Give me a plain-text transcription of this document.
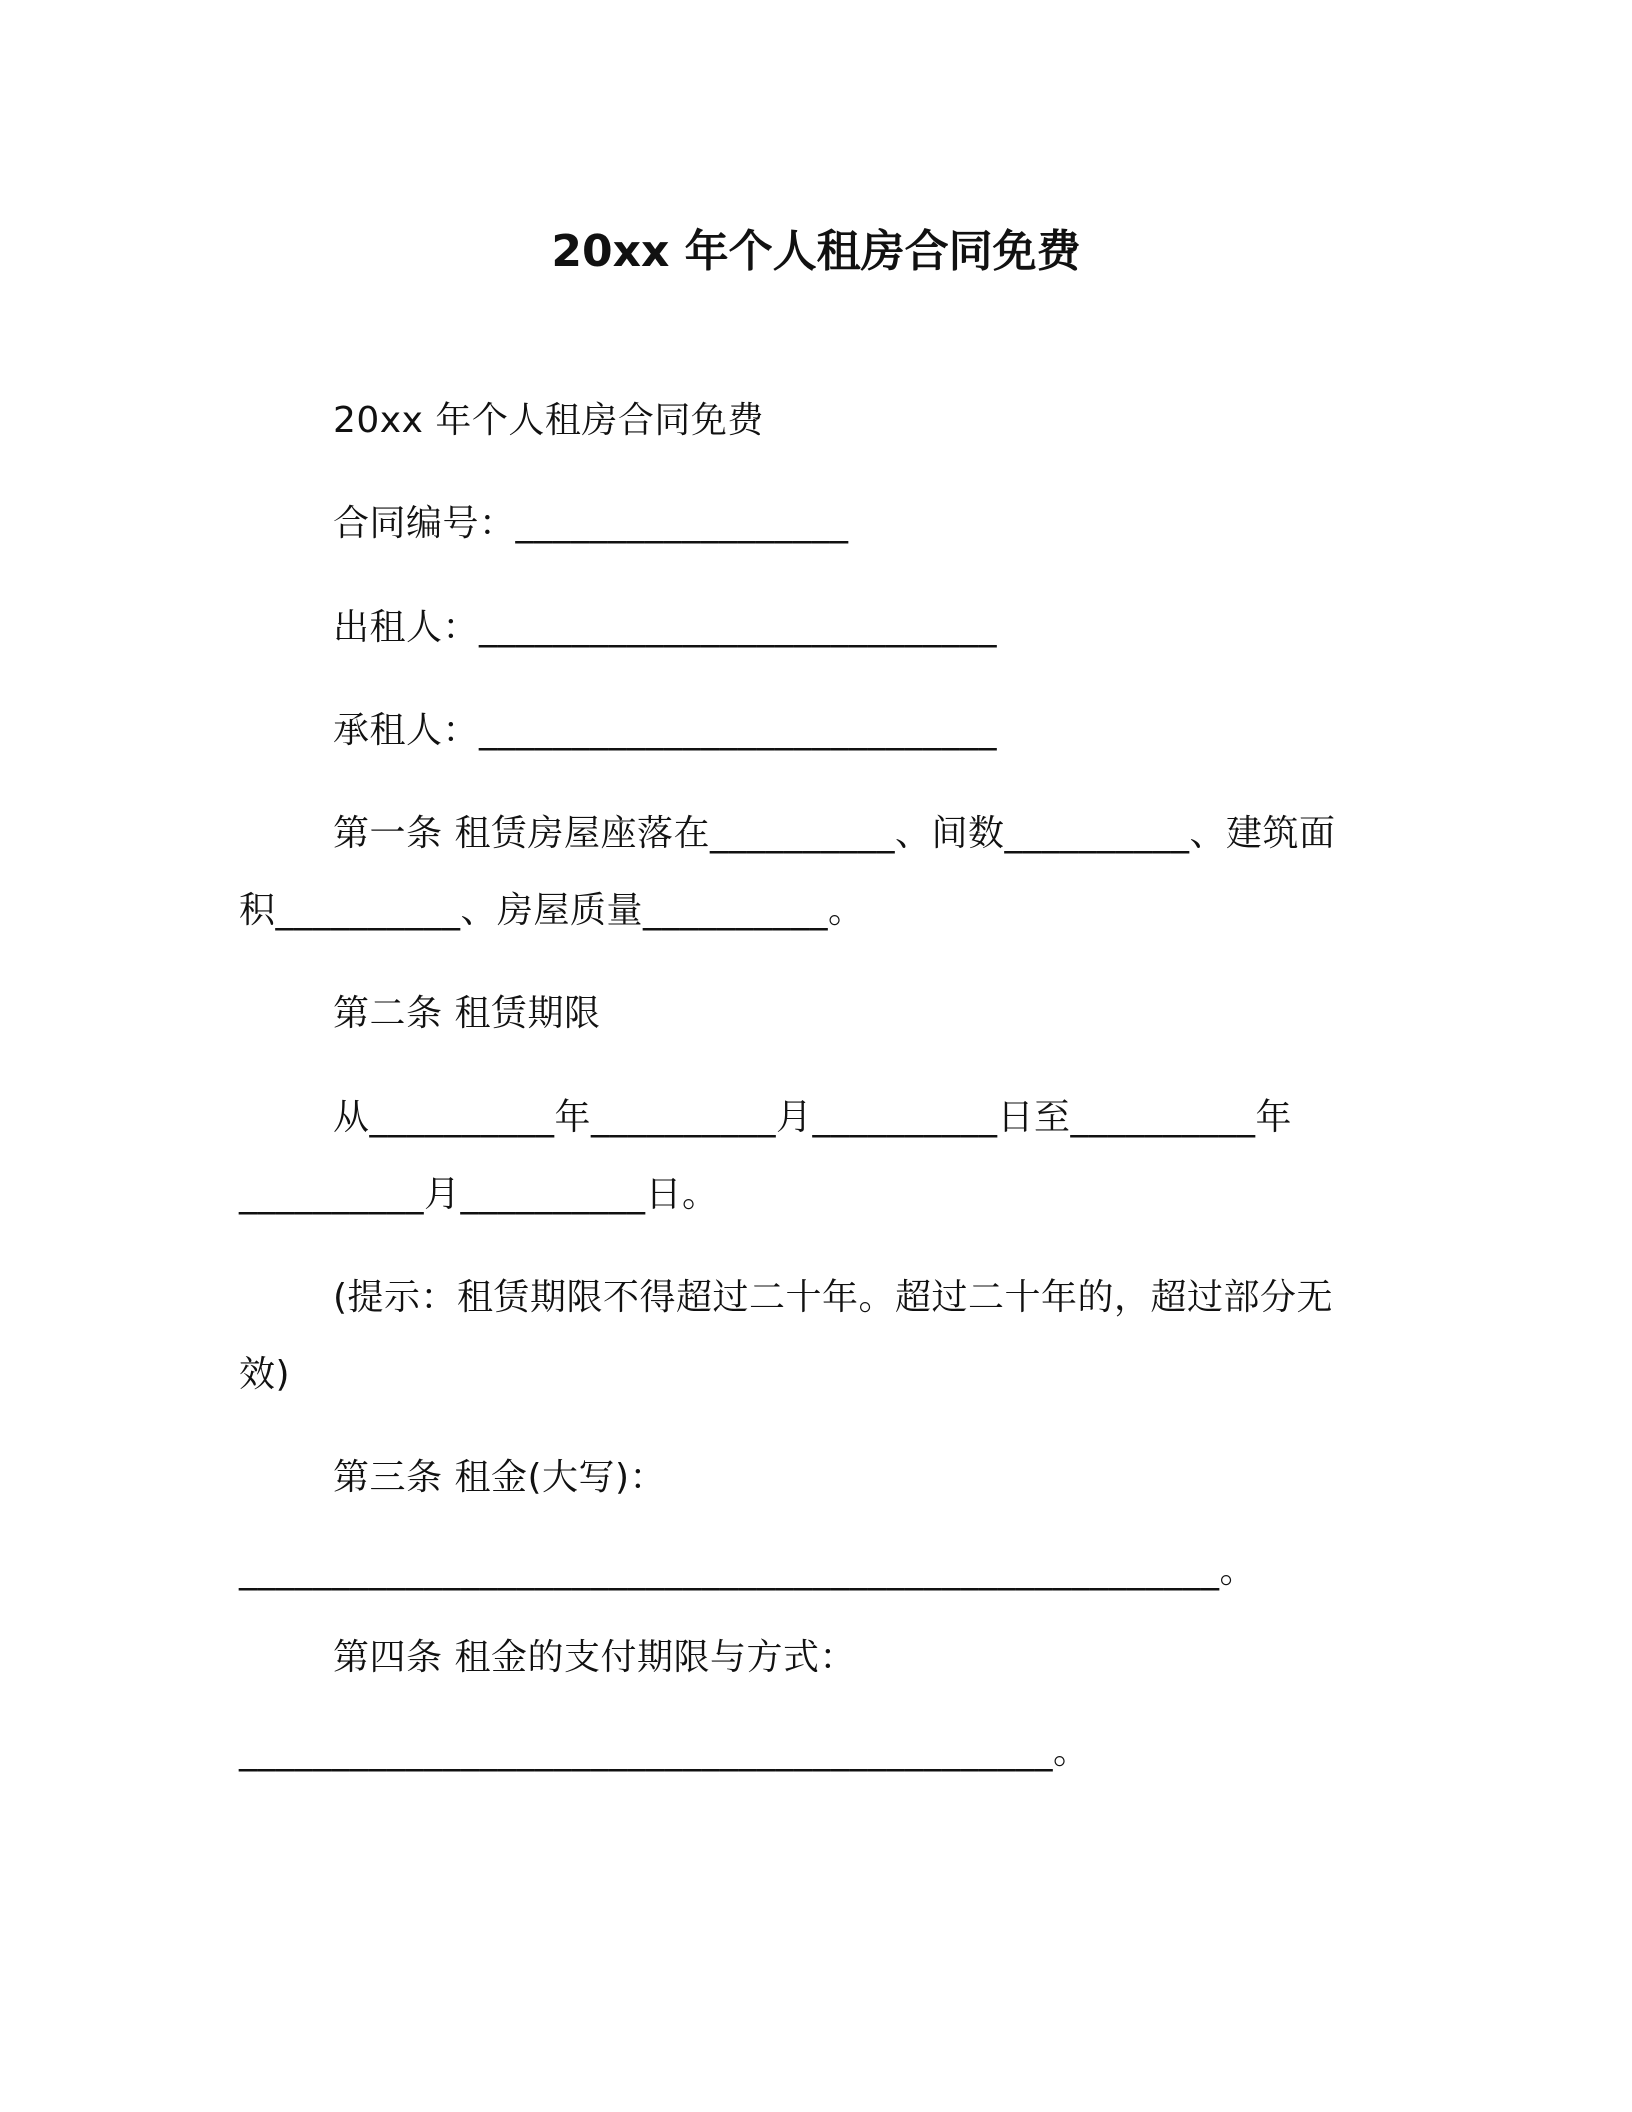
20xx 年个人租房合同免费
20xx 年个人租房合同免费
合同编号：__________________
出租人：____________________________
承租人：____________________________
第一条 租赁房屋座落在__________、间数__________、建筑面
积__________、房屋质量__________。
第二条 租赁期限
从__________年__________月__________日至__________年
__________月__________日。
(提示：租赁期限不得超过二十年。超过二十年的，超过部分无
效)
第三条 租金(大写)：
_____________________________________________________。
第四条 租金的支付期限与方式：
____________________________________________。
